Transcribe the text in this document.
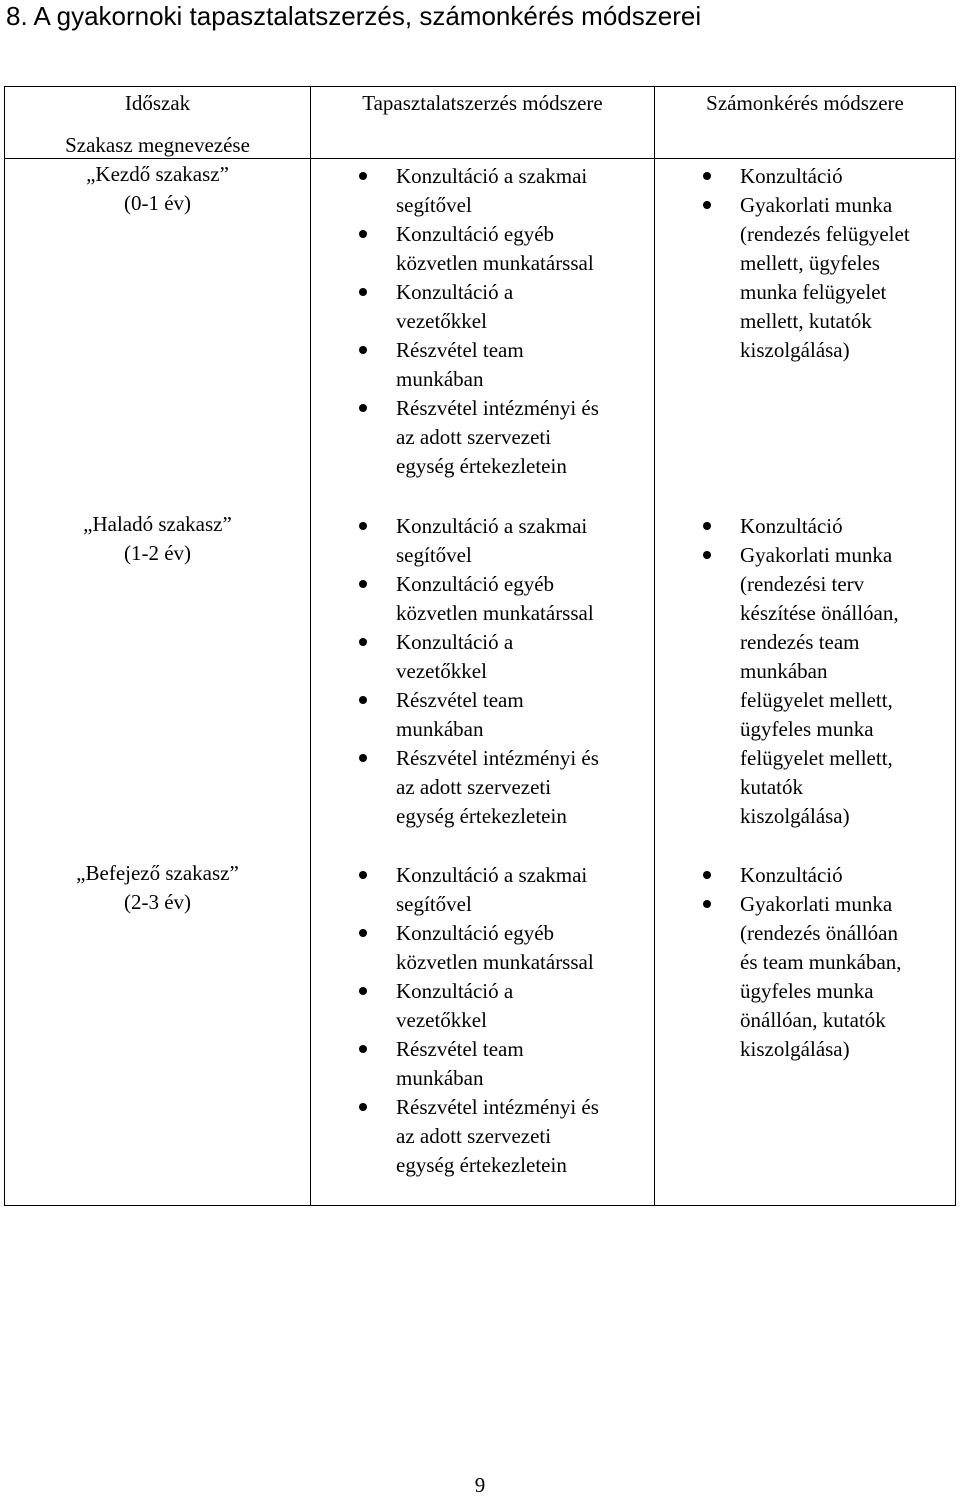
8. A gyakornoki tapasztalatszerzés, számonkérés módszerei
Időszak	Tapasztalatszerzés módszere	Számonkérés módszere
Szakasz megnevezése
„Kezdő szakasz”
(0-1 év)
Konzultáció a szakmai
segítővel
Konzultáció egyéb
közvetlen munkatárssal
Konzultáció a
vezetőkkel
Részvétel team
munkában
Részvétel intézményi és
az adott szervezeti
egység értekezletein
Konzultáció
Gyakorlati munka
(rendezés felügyelet
mellett, ügyfeles
munka felügyelet
mellett, kutatók
kiszolgálása)
„Haladó szakasz”
(1-2 év)
Konzultáció a szakmai
segítővel
Konzultáció egyéb
közvetlen munkatárssal
Konzultáció a
vezetőkkel
Részvétel team
munkában
Részvétel intézményi és
az adott szervezeti
egység értekezletein
Konzultáció
Gyakorlati munka
(rendezési terv
készítése önállóan,
rendezés team
munkában
felügyelet mellett,
ügyfeles munka
felügyelet mellett,
kutatók
kiszolgálása)
„Befejező szakasz”
(2-3 év)
Konzultáció a szakmai
segítővel
Konzultáció egyéb
közvetlen munkatárssal
Konzultáció a
vezetőkkel
Részvétel team
munkában
Részvétel intézményi és
az adott szervezeti
egység értekezletein
Konzultáció
Gyakorlati munka
(rendezés önállóan
és team munkában,
ügyfeles munka
önállóan, kutatók
kiszolgálása)
9
